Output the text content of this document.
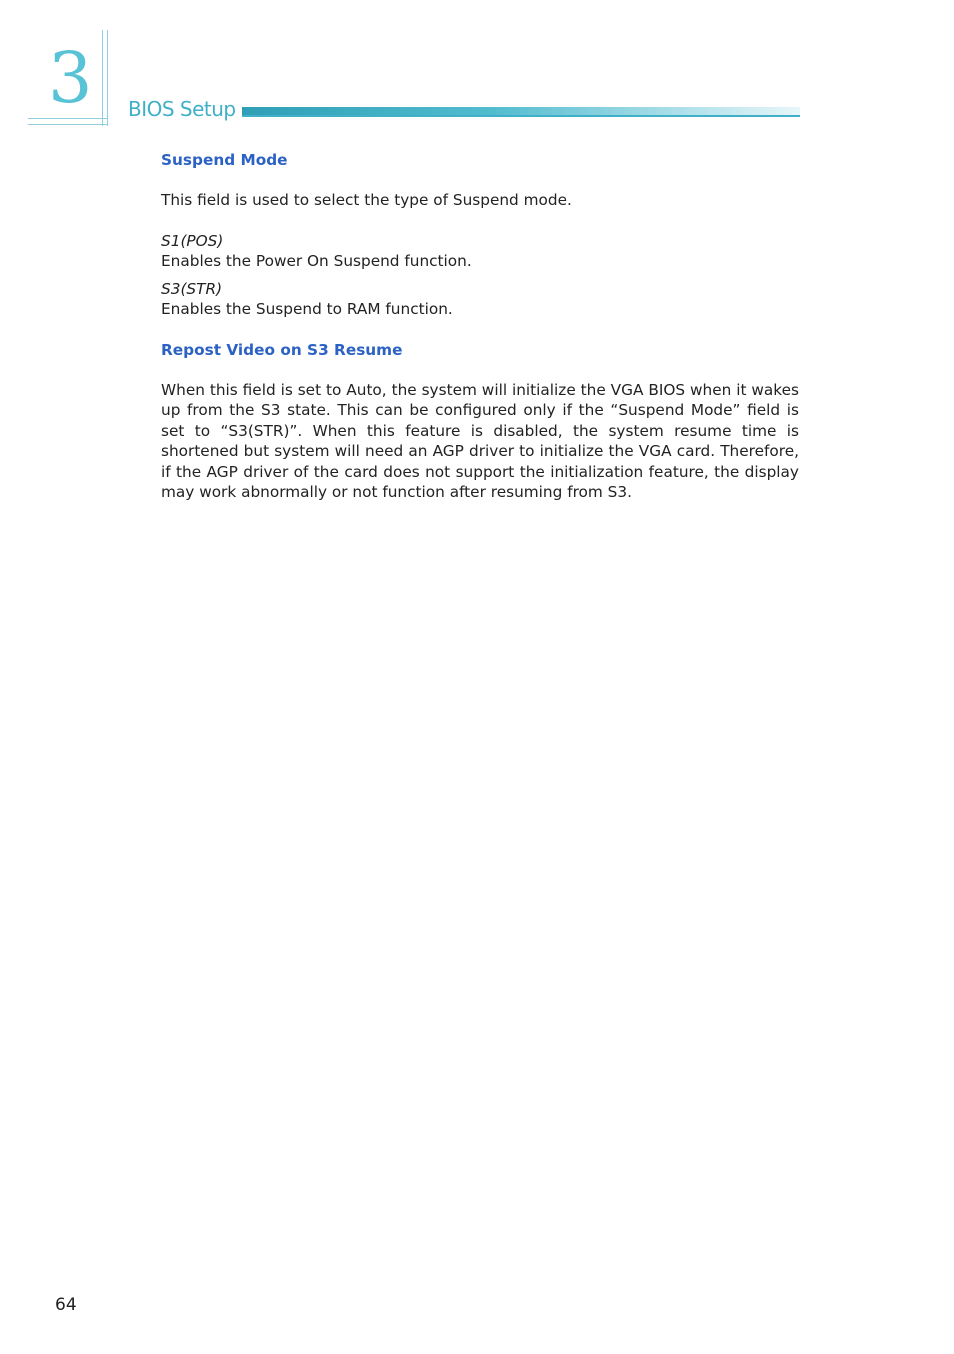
3 BIOS Setup
Suspend Mode

This field is used to select the type of Suspend mode.

S1(POS)

Enables the Power On Suspend function.

S3(STR)

Enables the Suspend to RAM function.

Repost Video on S3 Resume

When this field is set to Auto, the system will initialize the VGA BIOS when it wakes up from the S3 state. This can be configured only if the “Suspend Mode” field is set to “S3(STR)”. When this feature is disabled, the system resume time is shortened but system will need an AGP driver to initialize the VGA card. Therefore, if the AGP driver of the card does not support the initialization feature, the display may work abnormally or not function after resuming from S3.

64
